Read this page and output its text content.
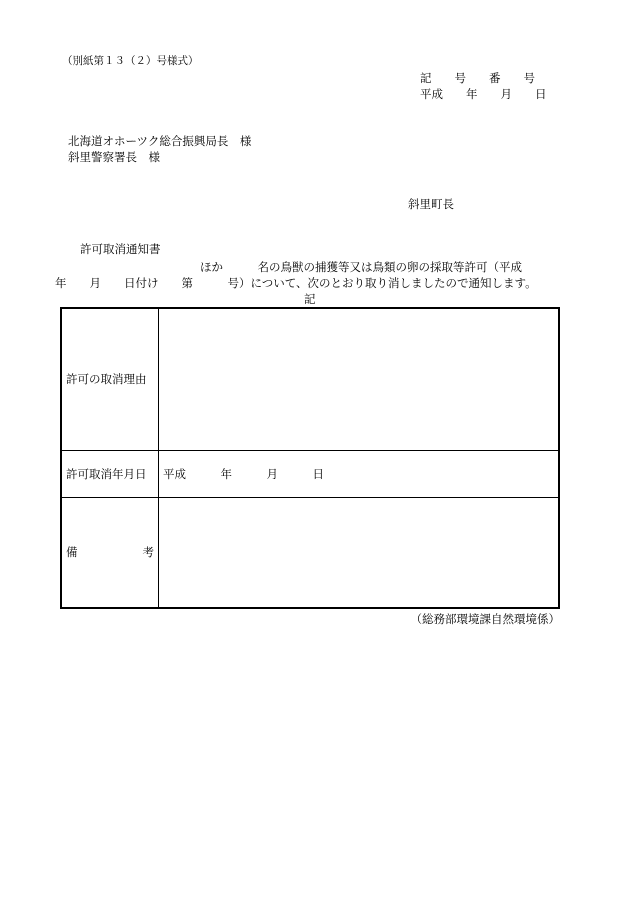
（別紙第１３（２）号様式）
記　　号　　番　　号
平成　　年　　月　　日
北海道オホーツク総合振興局長　様
斜里警察署長　様
斜里町長
許可取消通知書
ほか　　　名の鳥獣の捕獲等又は鳥類の卵の採取等許可（平成
年　　月　　日付け　　第　　　号）について、次のとおり取り消しましたので通知します。
記
許可の取消理由	
許可取消年月日	平成　　　年　　　月　　　日

備 考	

（総務部環境課自然環境係）
